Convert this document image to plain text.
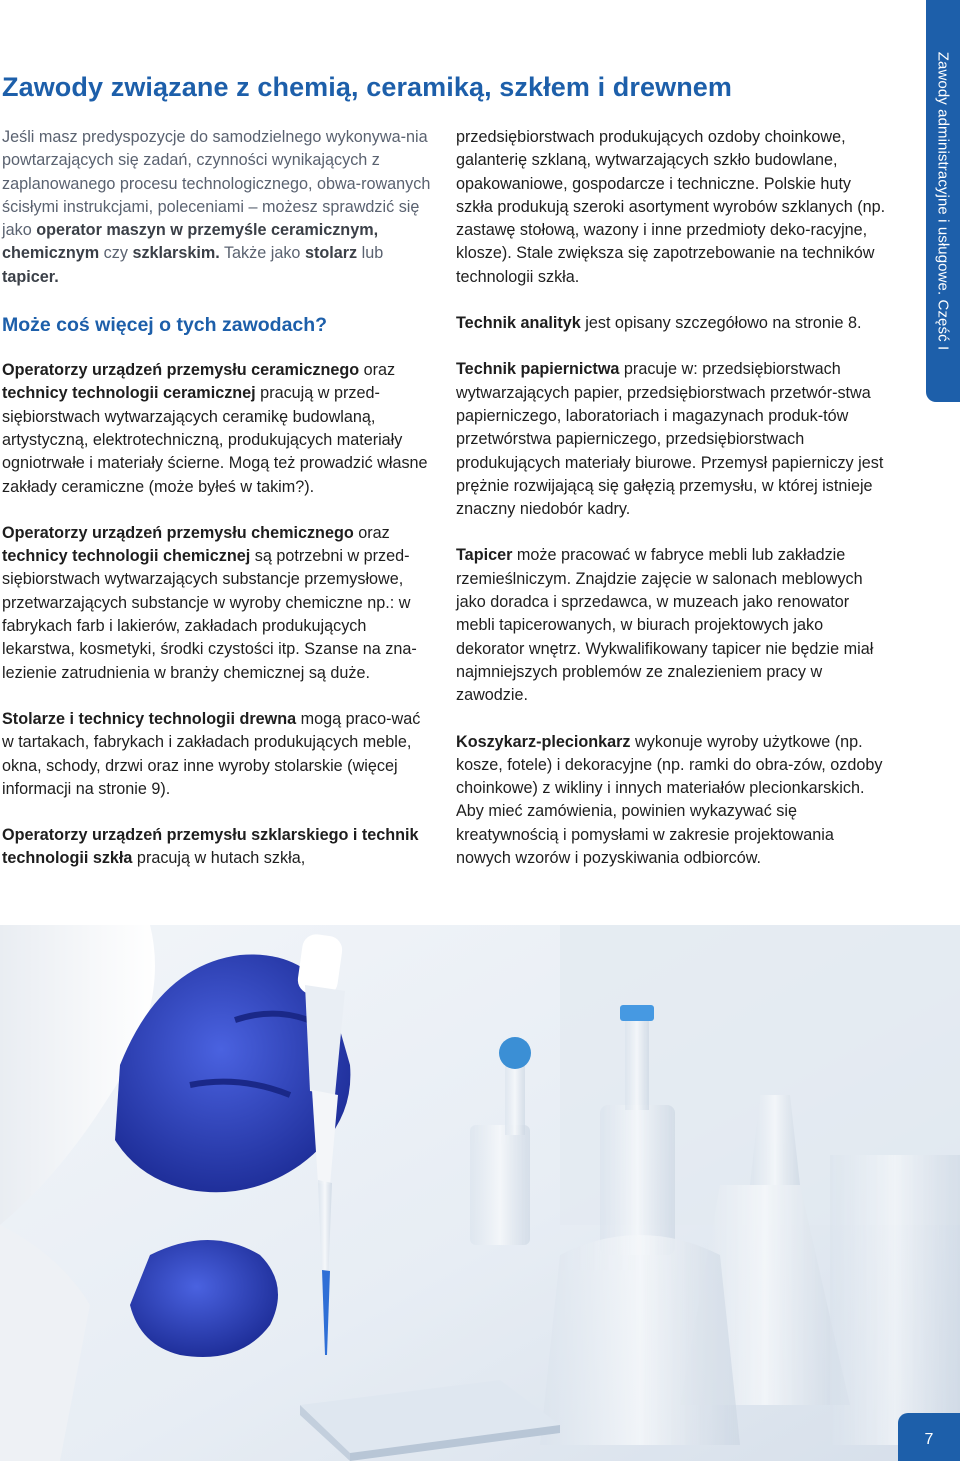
Zawody związane z chemią, ceramiką, szkłem i drewnem	Zawody administracyjne i usługowe. Część I

Jeśli masz predyspozycje do samodzielnego wykonywa-nia powtarzających się zadań, czynności wynikających z zaplanowanego procesu technologicznego, obwa-rowanych ścisłymi instrukcjami, poleceniami – możesz sprawdzić się jako operator maszyn w przemyśle ceramicznym, chemicznym czy szklarskim. Także jako stolarz lub tapicer.

Może coś więcej o tych zawodach?

Operatorzy urządzeń przemysłu ceramicznego oraz technicy technologii ceramicznej pracują w przed-siębiorstwach wytwarzających ceramikę budowlaną, artystyczną, elektrotechniczną, produkujących materiały ogniotrwałe i materiały ścierne. Mogą też prowadzić własne zakłady ceramiczne (może byłeś w takim?).

Operatorzy urządzeń przemysłu chemicznego oraz technicy technologii chemicznej są potrzebni w przed-siębiorstwach wytwarzających substancje przemysłowe, przetwarzających substancje w wyroby chemiczne np.: w fabrykach farb i lakierów, zakładach produkujących lekarstwa, kosmetyki, środki czystości itp. Szanse na zna-lezienie zatrudnienia w branży chemicznej są duże.

Stolarze i technicy technologii drewna mogą praco-wać w tartakach, fabrykach i zakładach produkujących meble, okna, schody, drzwi oraz inne wyroby stolarskie (więcej informacji na stronie 9).

Operatorzy urządzeń przemysłu szklarskiego i technik technologii szkła pracują w hutach szkła,

przedsiębiorstwach produkujących ozdoby choinkowe, galanterię szklaną, wytwarzających szkło budowlane, opakowaniowe, gospodarcze i techniczne. Polskie huty szkła produkują szeroki asortyment wyrobów szklanych (np. zastawę stołową, wazony i inne przedmioty deko-racyjne, klosze). Stale zwiększa się zapotrzebowanie na techników technologii szkła.

Technik analityk jest opisany szczegółowo na stronie 8.

Technik papiernictwa pracuje w: przedsiębiorstwach wytwarzających papier, przedsiębiorstwach przetwór-stwa papierniczego, laboratoriach i magazynach produk-tów przetwórstwa papierniczego, przedsiębiorstwach produkujących materiały biurowe. Przemysł papierniczy jest prężnie rozwijającą się gałęzią przemysłu, w której istnieje znaczny niedobór kadry.

Tapicer może pracować w fabryce mebli lub zakładzie rzemieślniczym. Znajdzie zajęcie w salonach meblowych jako doradca i sprzedawca, w muzeach jako renowator mebli tapicerowanych, w biurach projektowych jako dekorator wnętrz. Wykwalifikowany tapicer nie będzie miał najmniejszych problemów ze znalezieniem pracy w zawodzie.

Koszykarz-plecionkarz wykonuje wyroby użytkowe (np. kosze, fotele) i dekoracyjne (np. ramki do obra-zów, ozdoby choinkowe) z wikliny i innych materiałów plecionkarskich. Aby mieć zamówienia, powinien wykazywać się kreatywnością i pomysłami w zakresie projektowania nowych wzorów i pozyskiwania odbiorców.

7
